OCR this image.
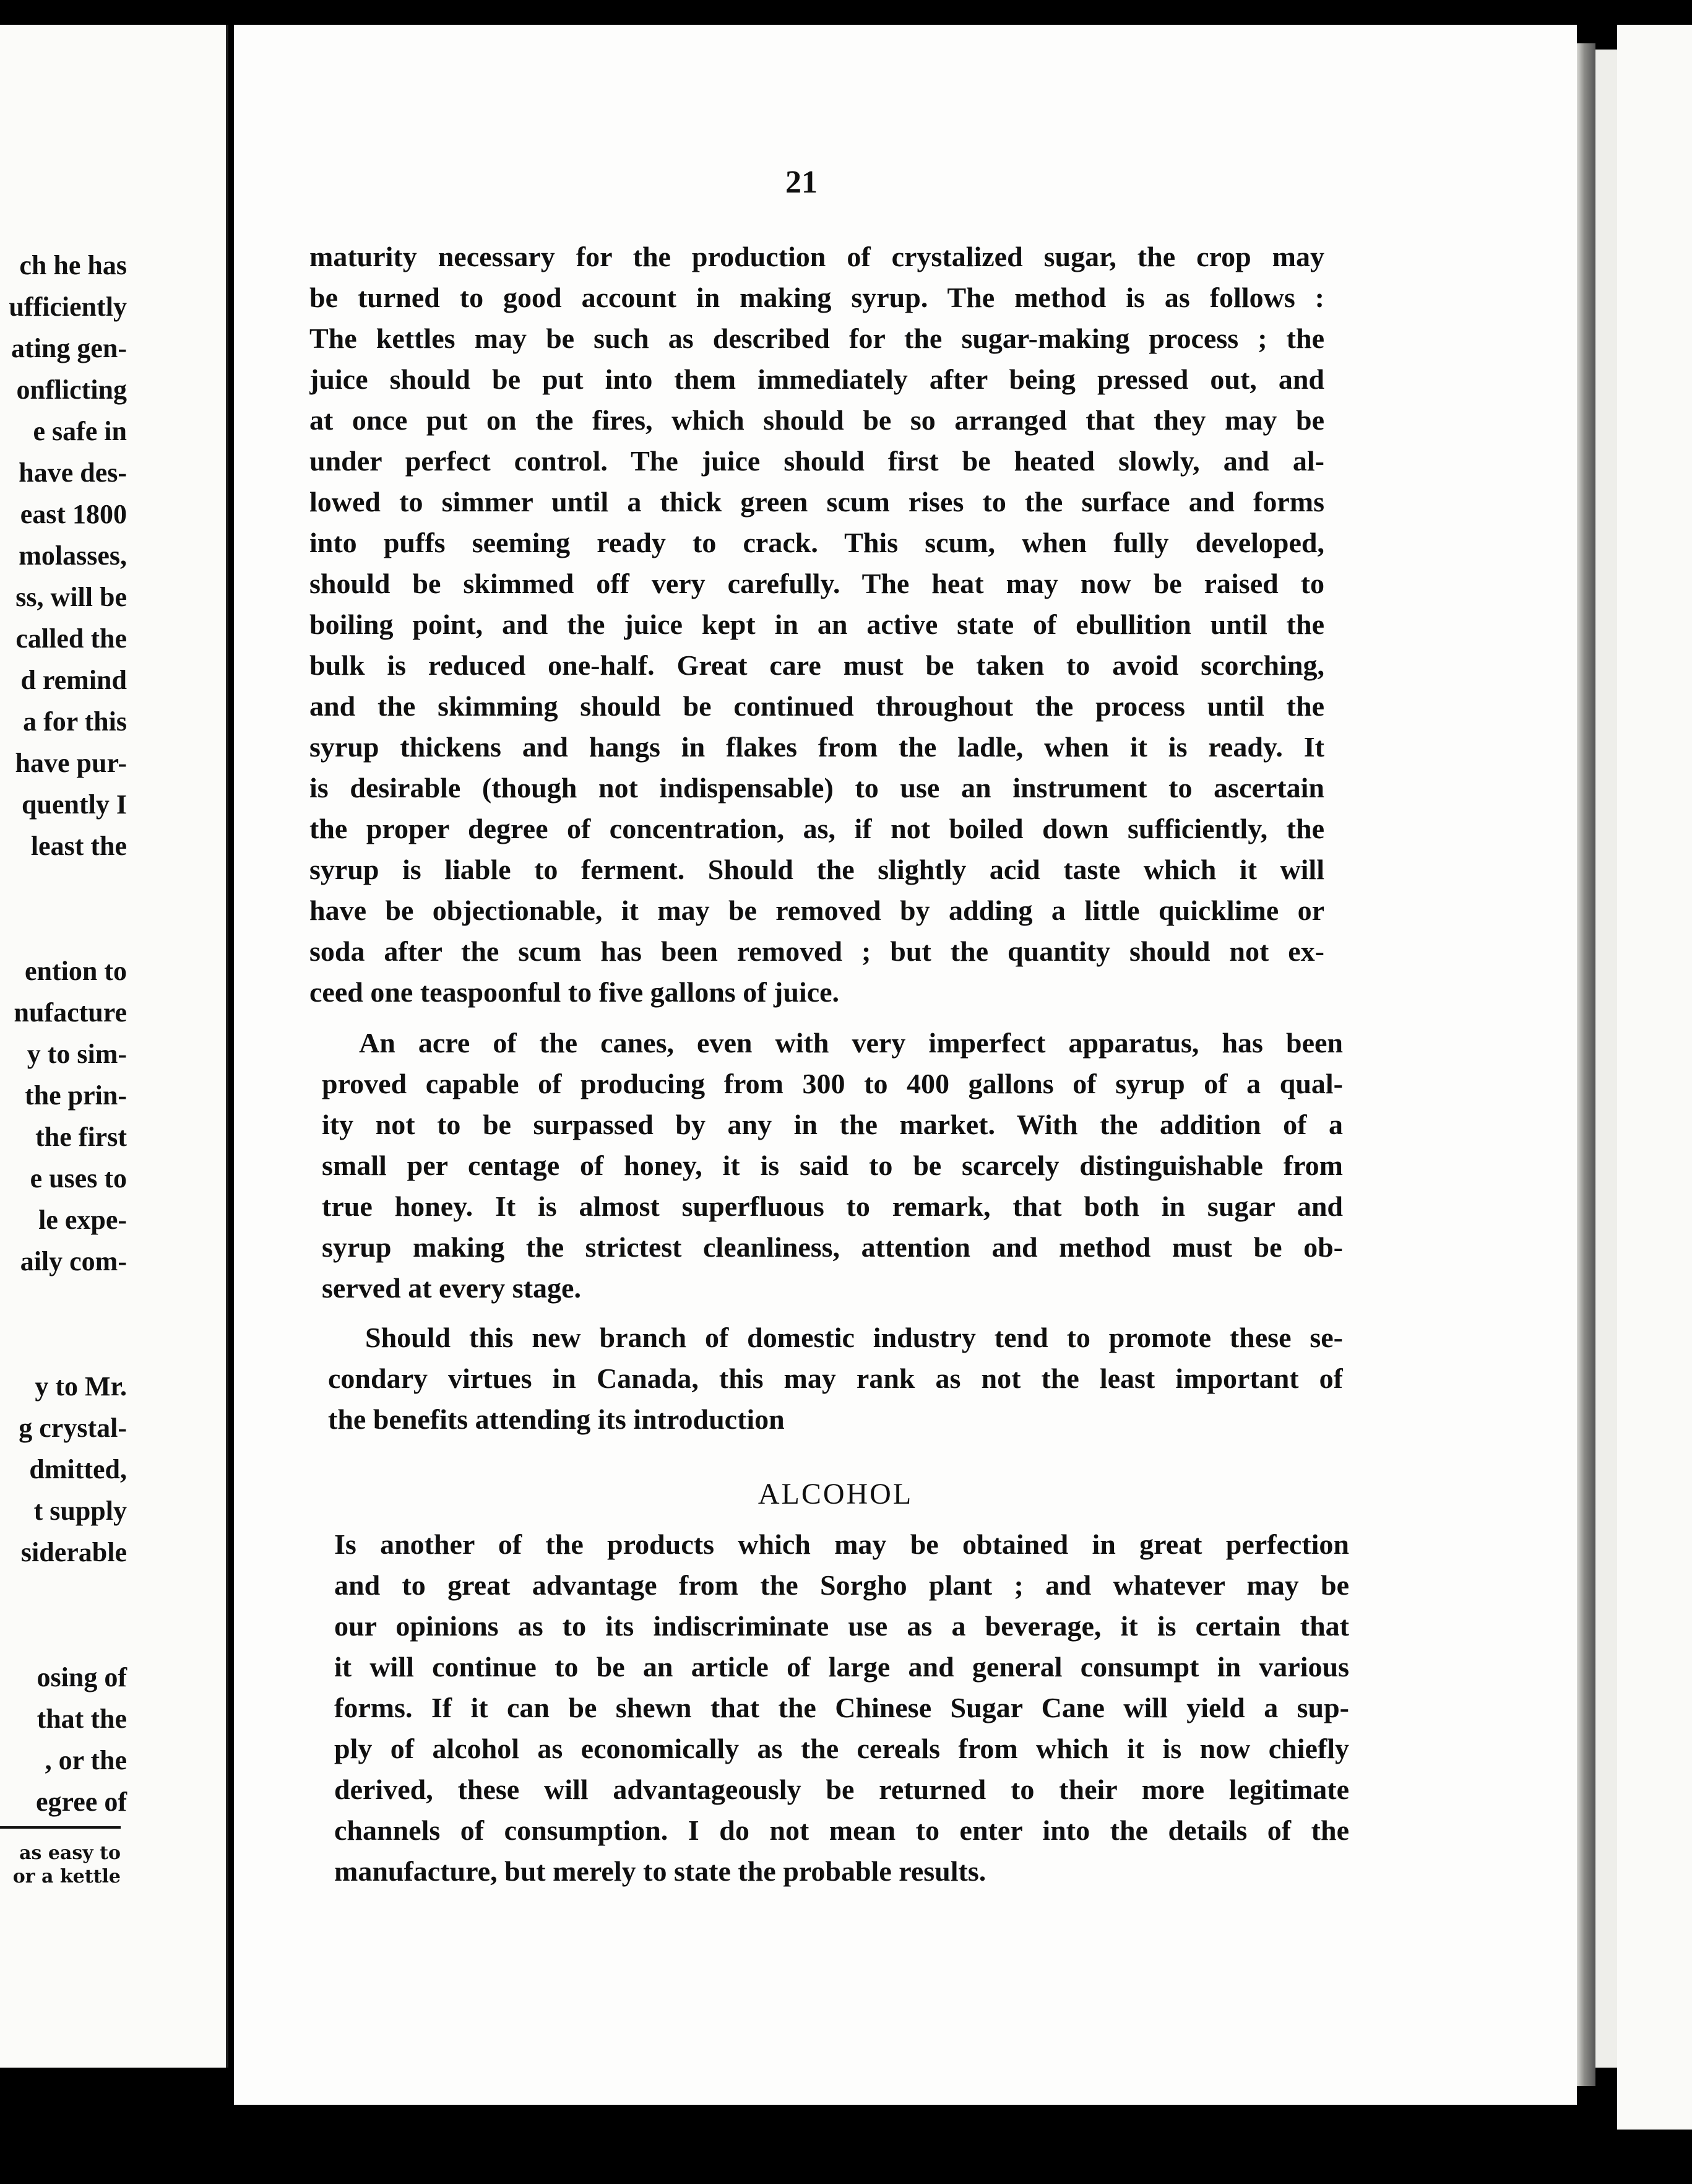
ch he has
ufficiently
ating gen-
onflicting
e safe in
have des-
east 1800
molasses,
ss, will be
called the
d remind
a for this
have pur-
quently I
least the
ention to
nufacture
y to sim-
the prin-
the first
e uses to
le expe-
aily com-
y to Mr.
g crystal-
dmitted,
t supply
siderable
osing of
that the
, or the
egree of
as easy to
or a kettle
21
maturity necessary for the production of crystalized sugar, the crop may
be turned to good account in making syrup. The method is as follows :
The kettles may be such as described for the sugar-making process ; the
juice should be put into them immediately after being pressed out, and
at once put on the fires, which should be so arranged that they may be
under perfect control. The juice should first be heated slowly, and al-
lowed to simmer until a thick green scum rises to the surface and forms
into puffs seeming ready to crack. This scum, when fully developed,
should be skimmed off very carefully. The heat may now be raised to
boiling point, and the juice kept in an active state of ebullition until the
bulk is reduced one-half. Great care must be taken to avoid scorching,
and the skimming should be continued throughout the process until the
syrup thickens and hangs in flakes from the ladle, when it is ready. It
is desirable (though not indispensable) to use an instrument to ascertain
the proper degree of concentration, as, if not boiled down sufficiently, the
syrup is liable to ferment. Should the slightly acid taste which it will
have be objectionable, it may be removed by adding a little quicklime or
soda after the scum has been removed ; but the quantity should not ex-
ceed one teaspoonful to five gallons of juice.
An acre of the canes, even with very imperfect apparatus, has been
proved capable of producing from 300 to 400 gallons of syrup of a qual-
ity not to be surpassed by any in the market. With the addition of a
small per centage of honey, it is said to be scarcely distinguishable from
true honey. It is almost superfluous to remark, that both in sugar and
syrup making the strictest cleanliness, attention and method must be ob-
served at every stage.
Should this new branch of domestic industry tend to promote these se-
condary virtues in Canada, this may rank as not the least important of
the benefits attending its introduction
ALCOHOL
Is another of the products which may be obtained in great perfection
and to great advantage from the Sorgho plant ; and whatever may be
our opinions as to its indiscriminate use as a beverage, it is certain that
it will continue to be an article of large and general consumpt in various
forms. If it can be shewn that the Chinese Sugar Cane will yield a sup-
ply of alcohol as economically as the cereals from which it is now chiefly
derived, these will advantageously be returned to their more legitimate
channels of consumption. I do not mean to enter into the details of the
manufacture, but merely to state the probable results.
